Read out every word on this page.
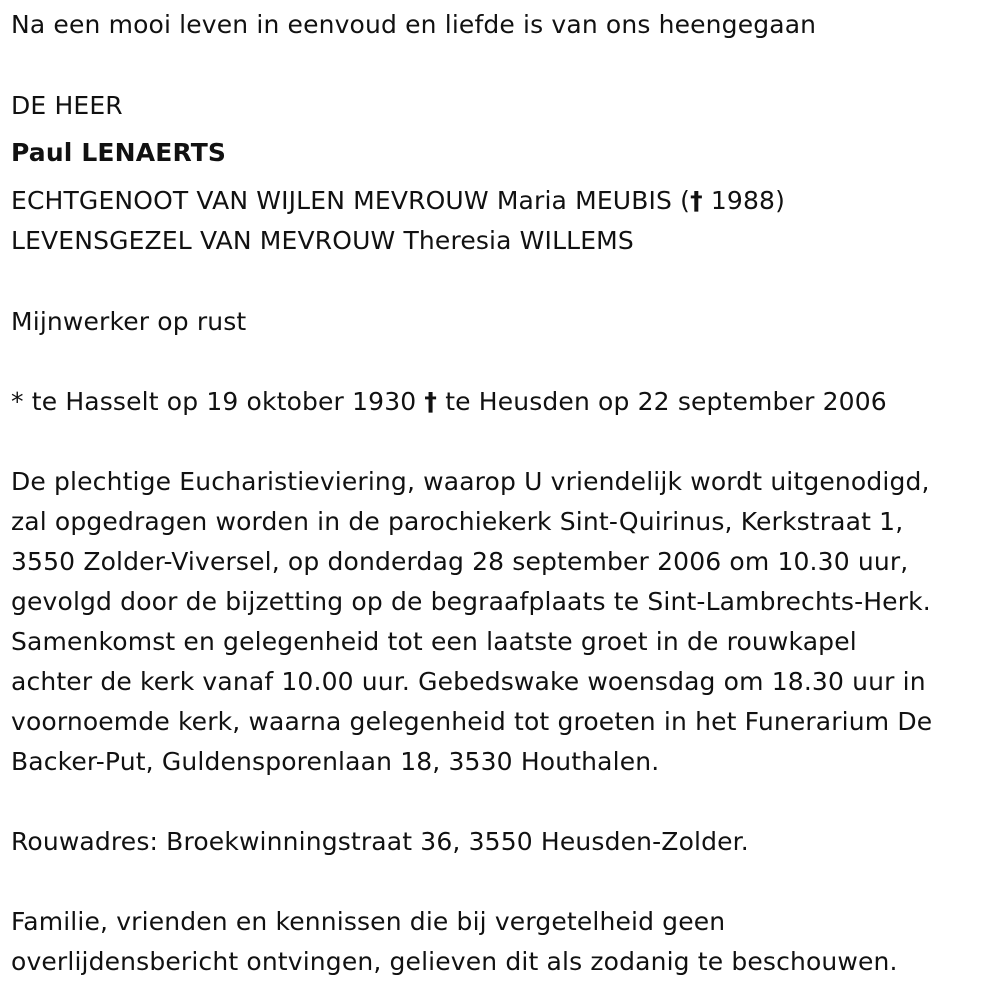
Na een mooi leven in eenvoud en liefde is van ons heengegaan
DE HEER
Paul LENAERTS
ECHTGENOOT VAN WIJLEN MEVROUW Maria MEUBIS († 1988)
LEVENSGEZEL VAN MEVROUW Theresia WILLEMS
Mijnwerker op rust
* te Hasselt op 19 oktober 1930 † te Heusden op 22 september 2006
De plechtige Eucharistieviering, waarop U vriendelijk wordt uitgenodigd,
zal opgedragen worden in de parochiekerk Sint-Quirinus, Kerkstraat 1,
3550 Zolder-Viversel, op donderdag 28 september 2006 om 10.30 uur,
gevolgd door de bijzetting op de begraafplaats te Sint-Lambrechts-Herk.
Samenkomst en gelegenheid tot een laatste groet in de rouwkapel
achter de kerk vanaf 10.00 uur. Gebedswake woensdag om 18.30 uur in
voornoemde kerk, waarna gelegenheid tot groeten in het Funerarium De
Backer-Put, Guldensporenlaan 18, 3530 Houthalen.
Rouwadres: Broekwinningstraat 36, 3550 Heusden-Zolder.
Familie, vrienden en kennissen die bij vergetelheid geen
overlijdensbericht ontvingen, gelieven dit als zodanig te beschouwen.
